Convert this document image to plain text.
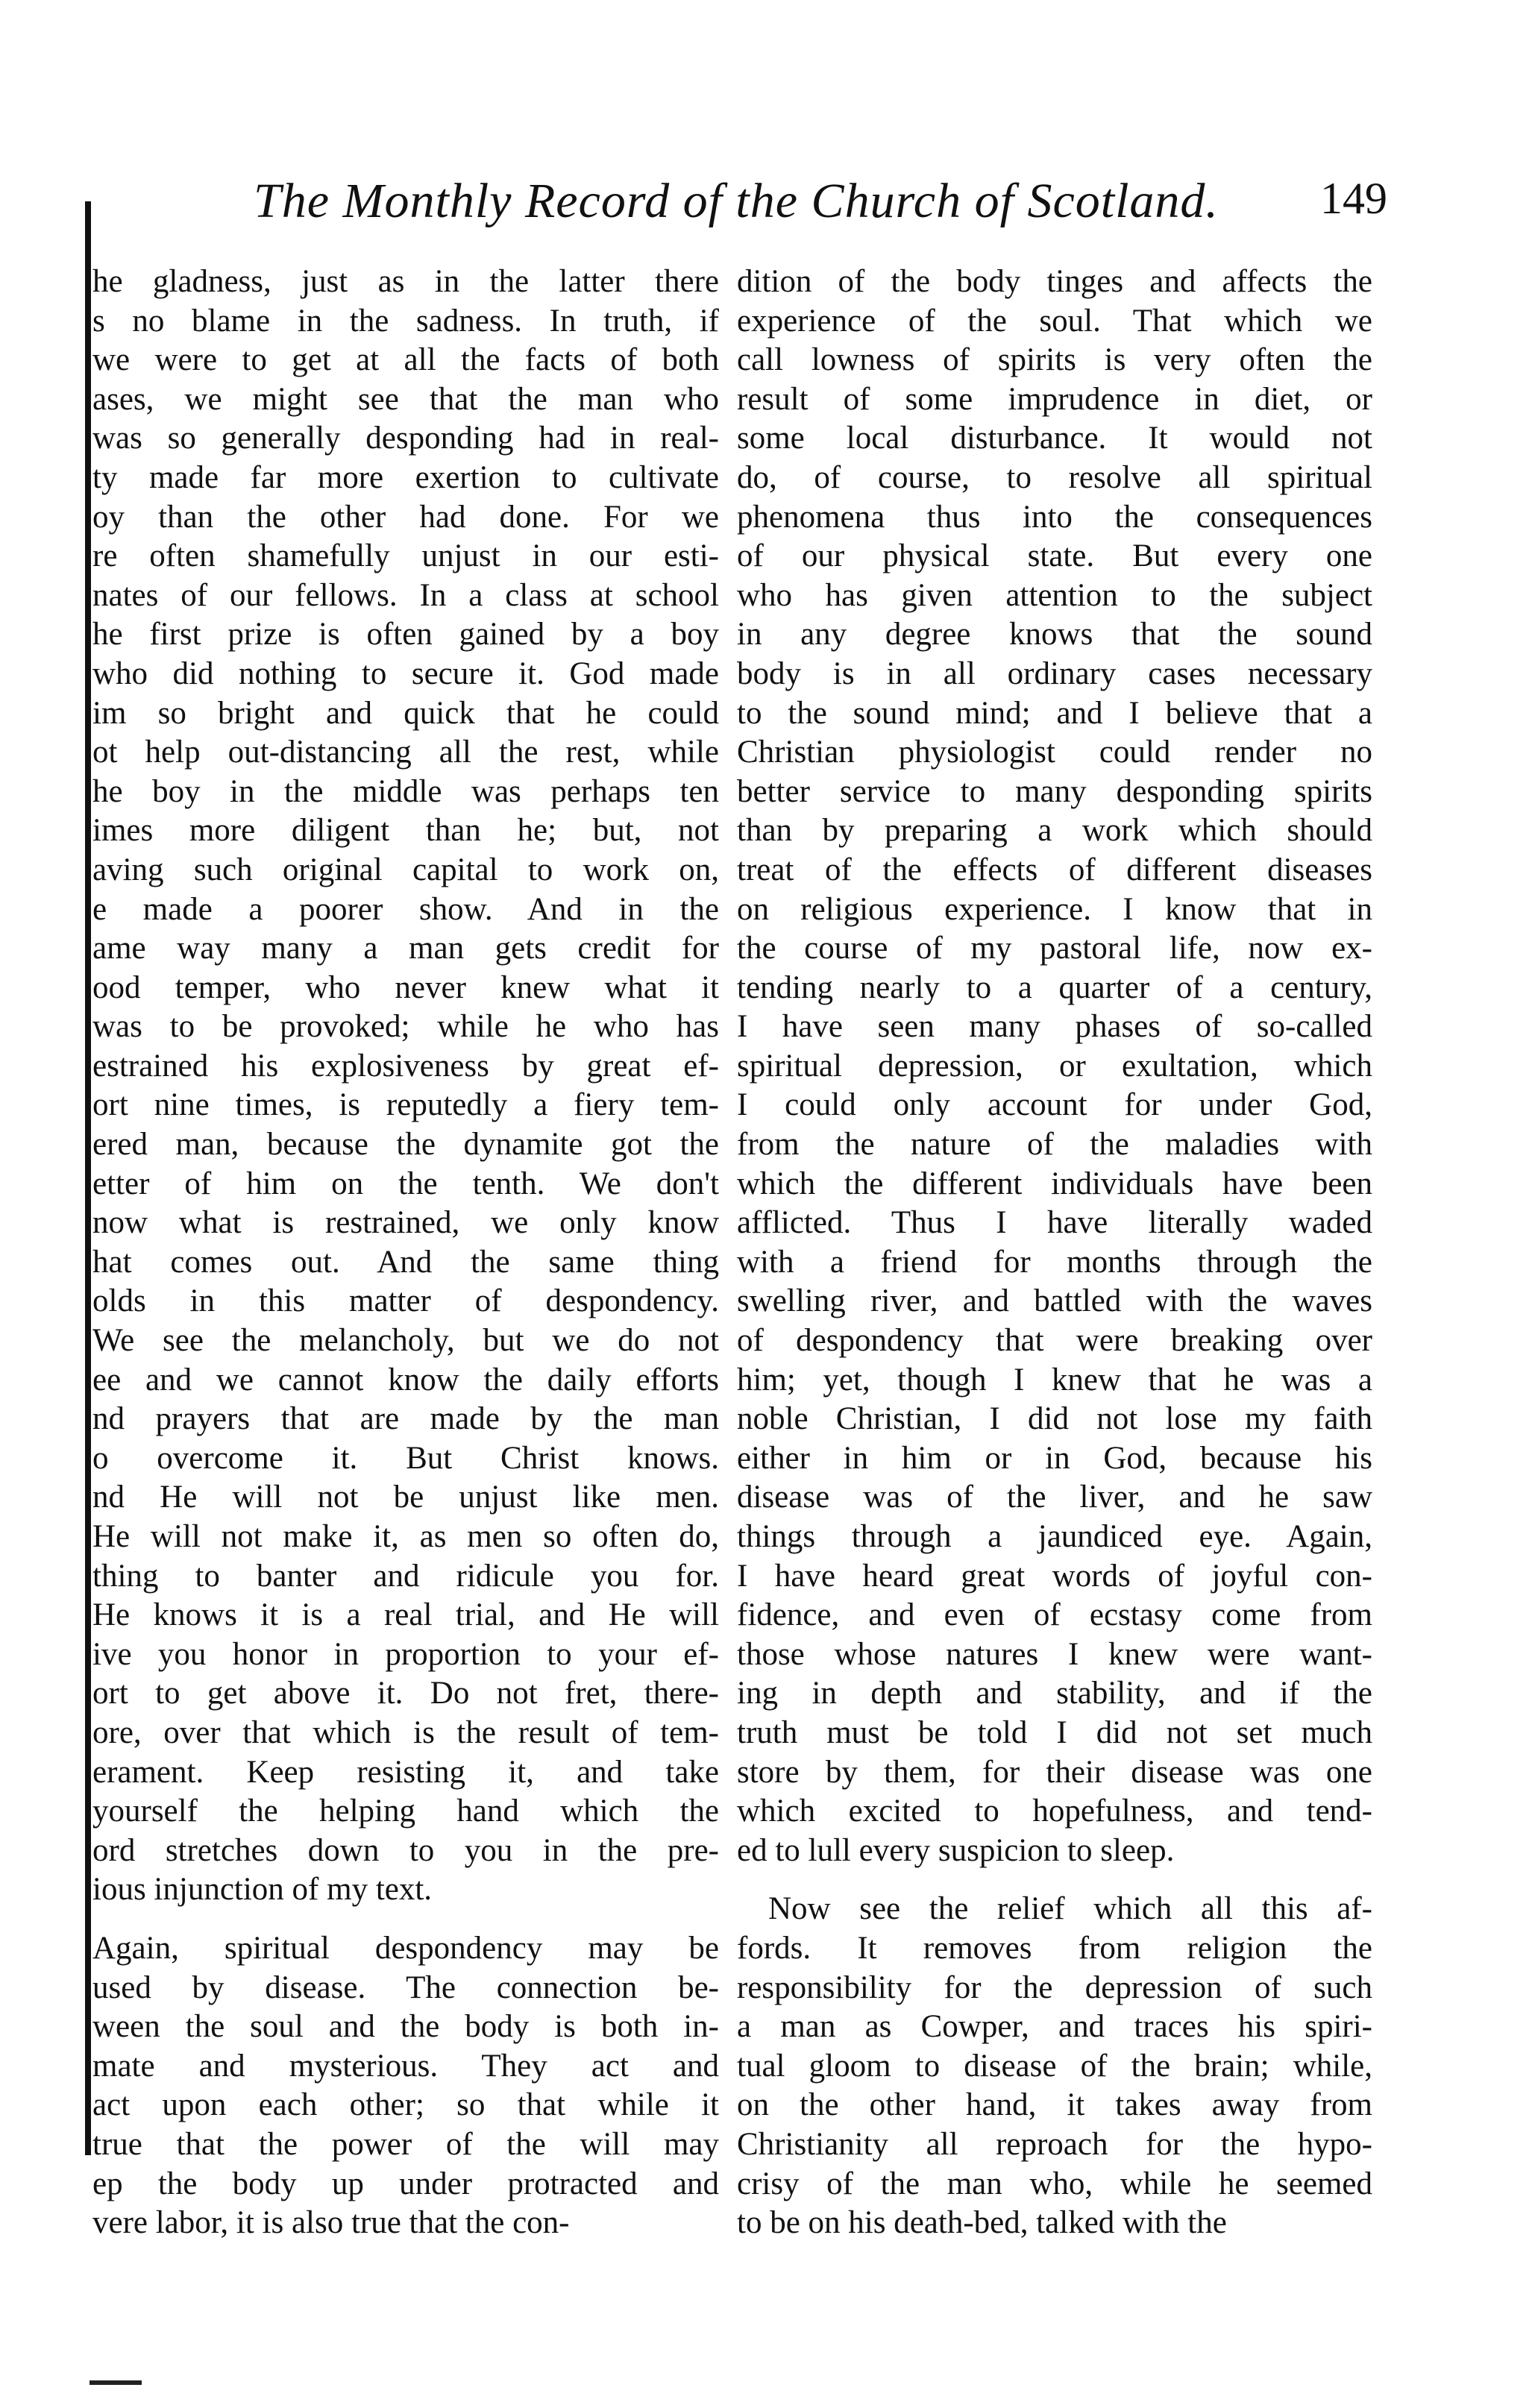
The Monthly Record of the Church of Scotland. 149
he gladness, just as in the latter there
s no blame in the sadness. In truth, if
we were to get at all the facts of both
ases, we might see that the man who
was so generally desponding had in real-
ty made far more exertion to cultivate
oy than the other had done. For we
re often shamefully unjust in our esti-
nates of our fellows. In a class at school
he first prize is often gained by a boy
who did nothing to secure it. God made
im so bright and quick that he could
ot help out-distancing all the rest, while
he boy in the middle was perhaps ten
imes more diligent than he; but, not
aving such original capital to work on,
e made a poorer show. And in the
ame way many a man gets credit for
ood temper, who never knew what it
was to be provoked; while he who has
estrained his explosiveness by great ef-
ort nine times, is reputedly a fiery tem-
ered man, because the dynamite got the
etter of him on the tenth. We don't
now what is restrained, we only know
hat comes out. And the same thing
olds in this matter of despondency.
We see the melancholy, but we do not
ee and we cannot know the daily efforts
nd prayers that are made by the man
o overcome it. But Christ knows.
nd He will not be unjust like men.
He will not make it, as men so often do,
thing to banter and ridicule you for.
He knows it is a real trial, and He will
ive you honor in proportion to your ef-
ort to get above it. Do not fret, there-
ore, over that which is the result of tem-
erament. Keep resisting it, and take
yourself the helping hand which the
ord stretches down to you in the pre-
ious injunction of my text.
Again, spiritual despondency may be
used by disease. The connection be-
ween the soul and the body is both in-
mate and mysterious. They act and
act upon each other; so that while it
true that the power of the will may
ep the body up under protracted and
vere labor, it is also true that the con-
dition of the body tinges and affects the
experience of the soul. That which we
call lowness of spirits is very often the
result of some imprudence in diet, or
some local disturbance. It would not
do, of course, to resolve all spiritual
phenomena thus into the consequences
of our physical state. But every one
who has given attention to the subject
in any degree knows that the sound
body is in all ordinary cases necessary
to the sound mind; and I believe that a
Christian physiologist could render no
better service to many desponding spirits
than by preparing a work which should
treat of the effects of different diseases
on religious experience. I know that in
the course of my pastoral life, now ex-
tending nearly to a quarter of a century,
I have seen many phases of so-called
spiritual depression, or exultation, which
I could only account for under God,
from the nature of the maladies with
which the different individuals have been
afflicted. Thus I have literally waded
with a friend for months through the
swelling river, and battled with the waves
of despondency that were breaking over
him; yet, though I knew that he was a
noble Christian, I did not lose my faith
either in him or in God, because his
disease was of the liver, and he saw
things through a jaundiced eye. Again,
I have heard great words of joyful con-
fidence, and even of ecstasy come from
those whose natures I knew were want-
ing in depth and stability, and if the
truth must be told I did not set much
store by them, for their disease was one
which excited to hopefulness, and tend-
ed to lull every suspicion to sleep.
Now see the relief which all this af-
fords. It removes from religion the
responsibility for the depression of such
a man as Cowper, and traces his spiri-
tual gloom to disease of the brain; while,
on the other hand, it takes away from
Christianity all reproach for the hypo-
crisy of the man who, while he seemed
to be on his death-bed, talked with the
